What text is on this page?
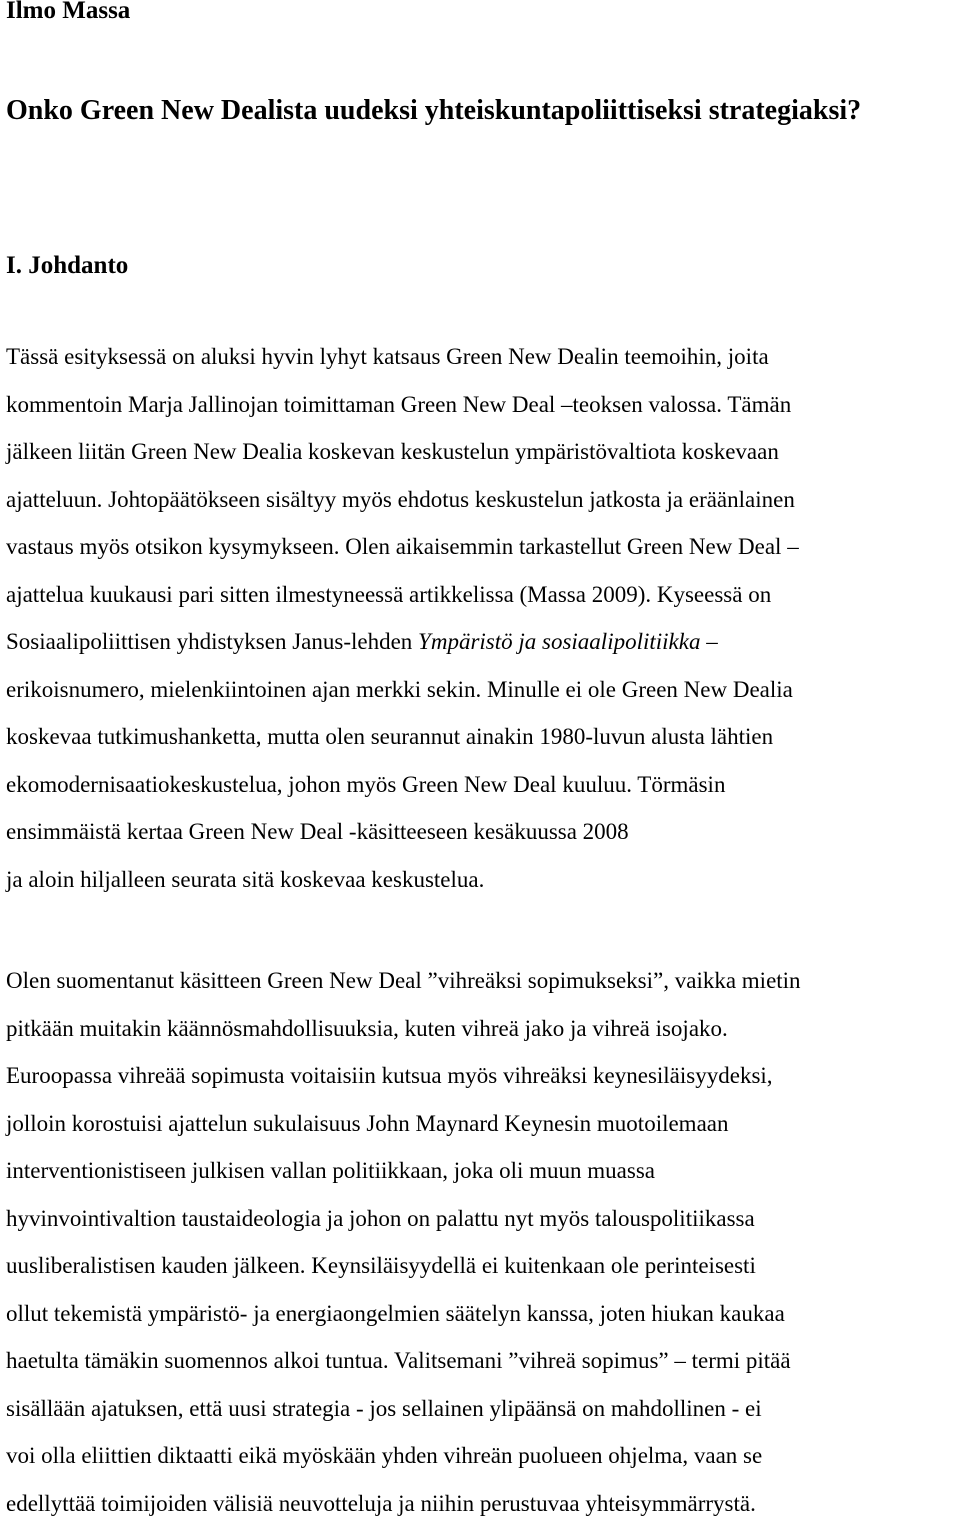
Ilmo Massa
Onko Green New Dealista uudeksi yhteiskuntapoliittiseksi strategiaksi?
I. Johdanto
Tässä esityksessä on aluksi hyvin lyhyt katsaus Green New Dealin teemoihin, joita
kommentoin Marja Jallinojan toimittaman Green New Deal –teoksen valossa. Tämän
jälkeen liitän Green New Dealia koskevan keskustelun ympäristövaltiota koskevaan
ajatteluun. Johtopäätökseen sisältyy myös ehdotus keskustelun jatkosta ja eräänlainen
vastaus myös otsikon kysymykseen. Olen aikaisemmin tarkastellut Green New Deal –
ajattelua kuukausi pari sitten ilmestyneessä artikkelissa (Massa 2009). Kyseessä on
Sosiaalipoliittisen yhdistyksen Janus-lehden Ympäristö ja sosiaalipolitiikka –
erikoisnumero, mielenkiintoinen ajan merkki sekin. Minulle ei ole Green New Dealia
koskevaa tutkimushanketta, mutta olen seurannut ainakin 1980-luvun alusta lähtien
ekomodernisaatiokeskustelua, johon myös Green New Deal kuuluu. Törmäsin
ensimmäistä kertaa Green New Deal -käsitteeseen kesäkuussa 2008
ja aloin hiljalleen seurata sitä koskevaa keskustelua.
Olen suomentanut käsitteen Green New Deal ”vihreäksi sopimukseksi”, vaikka mietin
pitkään muitakin käännösmahdollisuuksia, kuten vihreä jako ja vihreä isojako.
Euroopassa vihreää sopimusta voitaisiin kutsua myös vihreäksi keynesiläisyydeksi,
jolloin korostuisi ajattelun sukulaisuus John Maynard Keynesin muotoilemaan
interventionistiseen julkisen vallan politiikkaan, joka oli muun muassa
hyvinvointivaltion taustaideologia ja johon on palattu nyt myös talouspolitiikassa
uusliberalistisen kauden jälkeen. Keynsiläisyydellä ei kuitenkaan ole perinteisesti
ollut tekemistä ympäristö- ja energiaongelmien säätelyn kanssa, joten hiukan kaukaa
haetulta tämäkin suomennos alkoi tuntua. Valitsemani ”vihreä sopimus” – termi pitää
sisällään ajatuksen, että uusi strategia - jos sellainen ylipäänsä on mahdollinen - ei
voi olla eliittien diktaatti eikä myöskään yhden vihreän puolueen ohjelma, vaan se
edellyttää toimijoiden välisiä neuvotteluja ja niihin perustuvaa yhteisymmärrystä.
